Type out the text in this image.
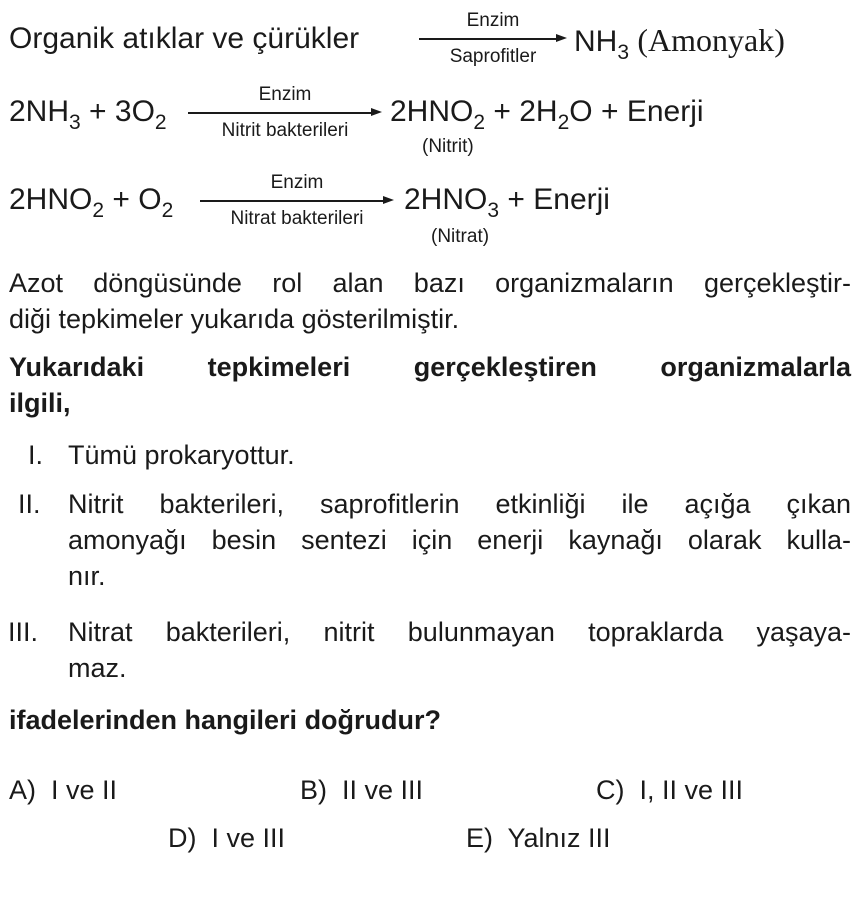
Organik atıklar ve çürükler
Enzim
Saprofitler	$NH_3$ (Amonyak)
$2NH_3 + 3O_2$
Enzim
Nitrit bakterileri
$2HNO_2 + 2H_2O$ + Enerji
(Nitrit)
$2HNO_2 + O_2$
Enzim
Nitrat bakterileri
$2HNO_3$ + Enerji
(Nitrat)
Azot döngüsünde rol alan bazı organizmaların gerçekleştir-
diği tepkimeler yukarıda gösterilmiştir.
Yukarıdaki tepkimeleri gerçekleştiren organizmalarla
ilgili,
I. Tümü prokaryottur.
II. Nitrit bakterileri, saprofitlerin etkinliği ile açığa çıkan
amonyağı besin sentezi için enerji kaynağı olarak kulla-
nır.
III. Nitrat bakterileri, nitrit bulunmayan topraklarda yaşaya-
maz.
ifadelerinden hangileri doğrudur?
A) I ve II	B) II ve III	C) I, II ve III
D) I ve III	E) Yalnız III
